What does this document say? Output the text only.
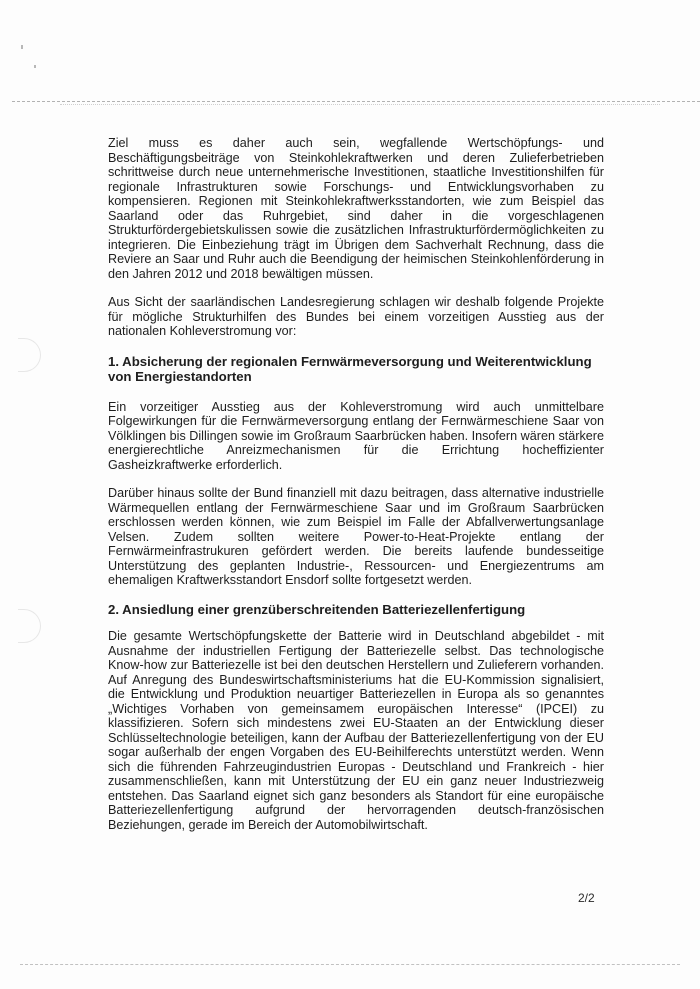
Ziel muss es daher auch sein, wegfallende Wertschöpfungs- und Beschäftigungsbeiträge von Steinkohlekraftwerken und deren Zulieferbetrieben schrittweise durch neue unternehmerische Investitionen, staatliche Investitionshilfen für regionale Infrastrukturen sowie Forschungs- und Entwicklungsvorhaben zu kompensieren. Regionen mit Steinkohlekraftwerksstandorten, wie zum Beispiel das Saarland oder das Ruhrgebiet, sind daher in die vorgeschlagenen Strukturfördergebietskulissen sowie die zusätzlichen Infrastrukturfördermöglichkeiten zu integrieren. Die Einbeziehung trägt im Übrigen dem Sachverhalt Rechnung, dass die Reviere an Saar und Ruhr auch die Beendigung der heimischen Steinkohlenförderung in den Jahren 2012 und 2018 bewältigen müssen.

Aus Sicht der saarländischen Landesregierung schlagen wir deshalb folgende Projekte für mögliche Strukturhilfen des Bundes bei einem vorzeitigen Ausstieg aus der nationalen Kohleverstromung vor:

1. Absicherung der regionalen Fernwärmeversorgung und Weiterentwicklung von Energiestandorten

Ein vorzeitiger Ausstieg aus der Kohleverstromung wird auch unmittelbare Folgewirkungen für die Fernwärmeversorgung entlang der Fernwärmeschiene Saar von Völklingen bis Dillingen sowie im Großraum Saarbrücken haben. Insofern wären stärkere energierechtliche Anreizmechanismen für die Errichtung hocheffizienter Gasheizkraftwerke erforderlich.

Darüber hinaus sollte der Bund finanziell mit dazu beitragen, dass alternative industrielle Wärmequellen entlang der Fernwärmeschiene Saar und im Großraum Saarbrücken erschlossen werden können, wie zum Beispiel im Falle der Abfallverwertungsanlage Velsen. Zudem sollten weitere Power-to-Heat-Projekte entlang der Fernwärmeinfrastrukuren gefördert werden. Die bereits laufende bundesseitige Unterstützung des geplanten Industrie-, Ressourcen- und Energiezentrums am ehemaligen Kraftwerksstandort Ensdorf sollte fortgesetzt werden.

2. Ansiedlung einer grenzüberschreitenden Batteriezellenfertigung

Die gesamte Wertschöpfungskette der Batterie wird in Deutschland abgebildet - mit Ausnahme der industriellen Fertigung der Batteriezelle selbst. Das technologische Know-how zur Batteriezelle ist bei den deutschen Herstellern und Zulieferern vorhanden. Auf Anregung des Bundeswirtschaftsministeriums hat die EU-Kommission signalisiert, die Entwicklung und Produktion neuartiger Batteriezellen in Europa als so genanntes „Wichtiges Vorhaben von gemeinsamem europäischen Interesse“ (IPCEI) zu klassifizieren. Sofern sich mindestens zwei EU-Staaten an der Entwicklung dieser Schlüsseltechnologie beteiligen, kann der Aufbau der Batteriezellenfertigung von der EU sogar außerhalb der engen Vorgaben des EU-Beihilferechts unterstützt werden. Wenn sich die führenden Fahrzeugindustrien Europas - Deutschland und Frankreich - hier zusammenschließen, kann mit Unterstützung der EU ein ganz neuer Industriezweig entstehen. Das Saarland eignet sich ganz besonders als Standort für eine europäische Batteriezellenfertigung aufgrund der hervorragenden deutsch-französischen Beziehungen, gerade im Bereich der Automobilwirtschaft.

2/2
